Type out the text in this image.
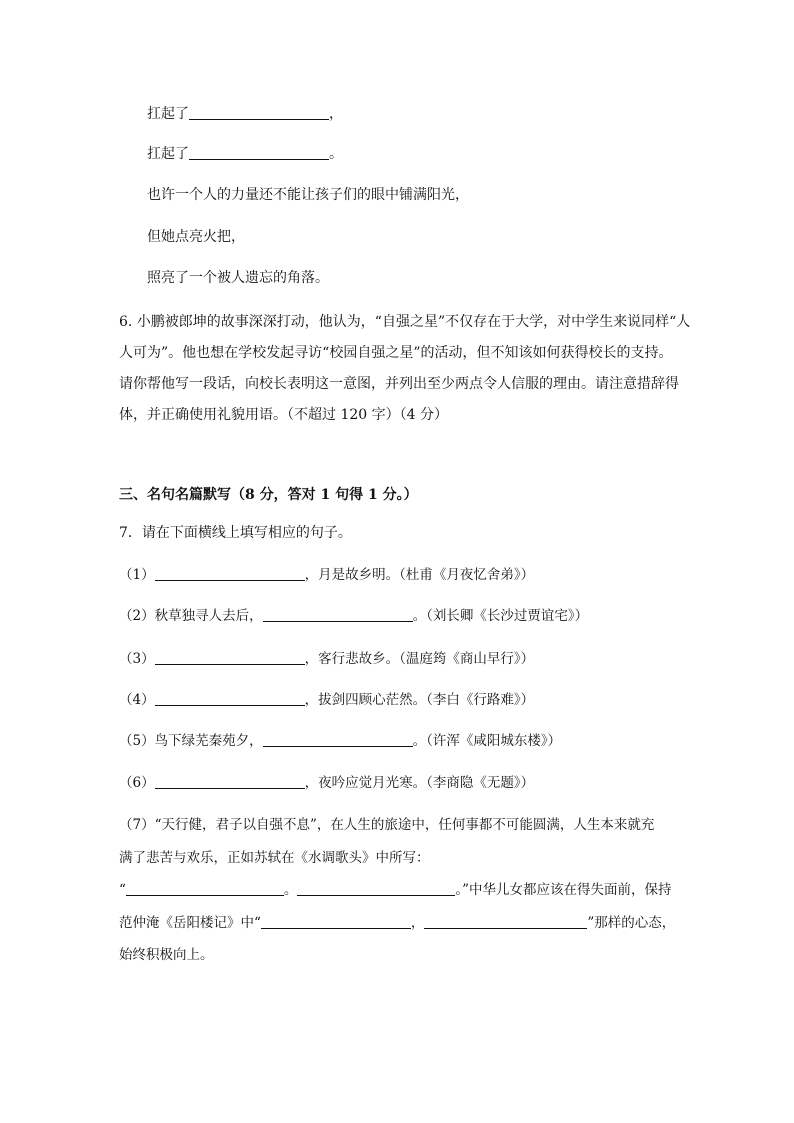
扛起了	，
扛起了	。
也许一个人的力量还不能让孩子们的眼中铺满阳光，
但她点亮火把，
照亮了一个被人遗忘的角落。
6. 小鹏被郎坤的故事深深打动，他认为，“自强之星”不仅存在于大学，对中学生来说同样“人
人可为”。他也想在学校发起寻访“校园自强之星”的活动，但不知该如何获得校长的支持。
请你帮他写一段话，向校长表明这一意图，并列出至少两点令人信服的理由。请注意措辞得
体，并正确使用礼貌用语。（不超过 120 字）（4 分）
三、名句名篇默写（8 分，答对 1 句得 1 分。）
7．请在下面横线上填写相应的句子。
（1）	，月是故乡明。（杜甫《月夜忆舍弟》）
（2）秋草独寻人去后，	。（刘长卿《长沙过贾谊宅》）
（3）	，客行悲故乡。（温庭筠《商山早行》）
（4）	，拔剑四顾心茫然。（李白《行路难》）
（5）鸟下绿芜秦苑夕，	。（许浑《咸阳城东楼》）
（6）	，夜吟应觉月光寒。（李商隐《无题》）
（7）“天行健，君子以自强不息”，在人生的旅途中，任何事都不可能圆满，人生本来就充
满了悲苦与欢乐，正如苏轼在《水调歌头》中所写：
“	。	。”中华儿女都应该在得失面前，保持
范仲淹《岳阳楼记》中“	，	”那样的心态，
始终积极向上。
